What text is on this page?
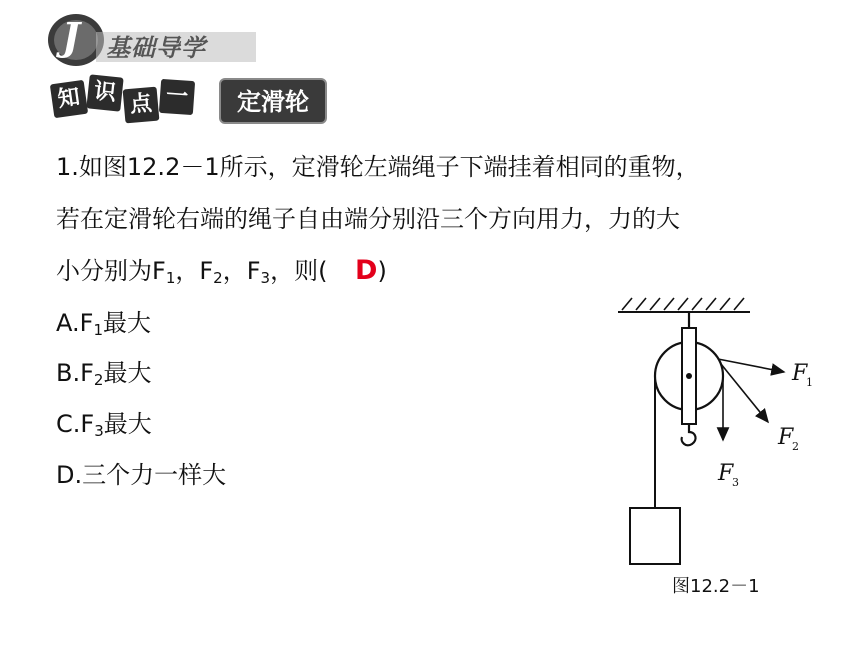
J 基础导学
知 识 点 一	定滑轮
1.如图12.2－1所示，定滑轮左端绳子下端挂着相同的重物，
若在定滑轮右端的绳子自由端分别沿三个方向用力，力的大
小分别为$F_1$，$F_2$，$F_3$，则( D)
$A.F_1$最大
$B.F_2$最大
$C.F_3$最大
D.三个力一样大
F
1
F
2
F
3
图12.2－1
